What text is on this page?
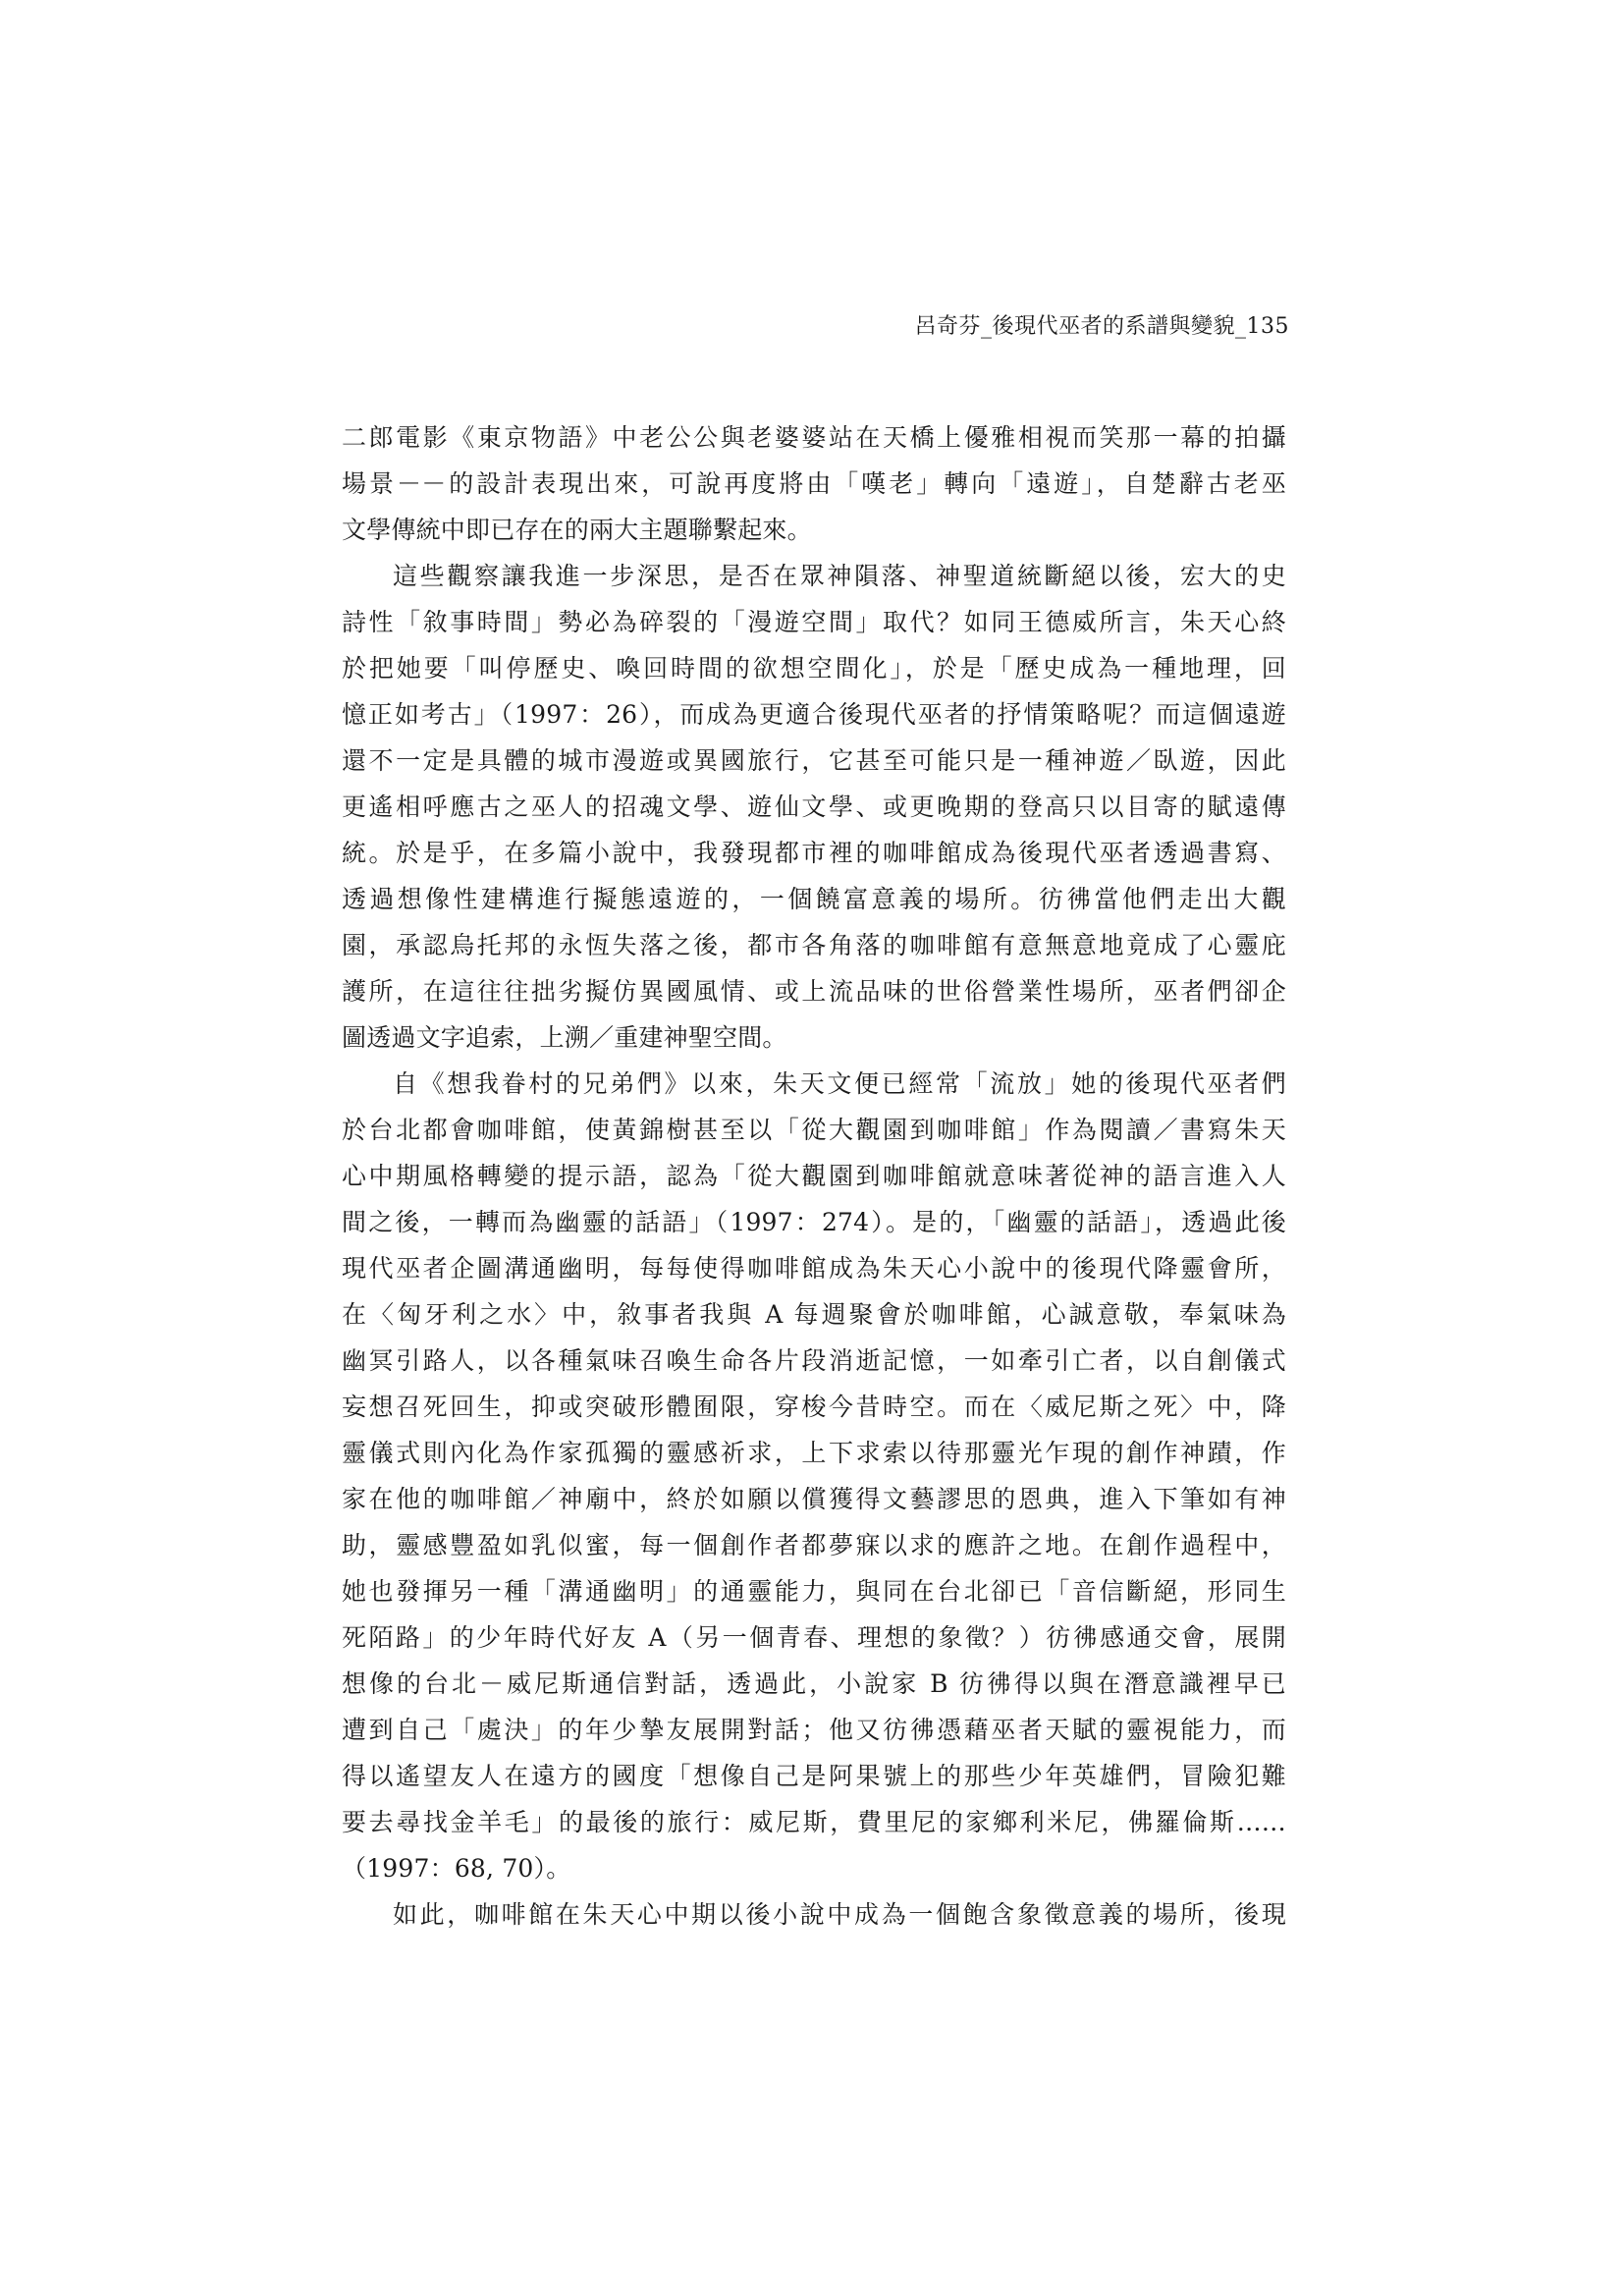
呂奇芬_後現代巫者的系譜與變貌_135
二郎電影《東京物語》中老公公與老婆婆站在天橋上優雅相視而笑那一幕的拍攝
場景－－的設計表現出來，可說再度將由「嘆老」轉向「遠遊」，自楚辭古老巫
文學傳統中即已存在的兩大主題聯繫起來。
這些觀察讓我進一步深思，是否在眾神隕落、神聖道統斷絕以後，宏大的史
詩性「敘事時間」勢必為碎裂的「漫遊空間」取代？如同王德威所言，朱天心終
於把她要「叫停歷史、喚回時間的欲想空間化」，於是「歷史成為一種地理，回
憶正如考古」（1997：26），而成為更適合後現代巫者的抒情策略呢？而這個遠遊
還不一定是具體的城市漫遊或異國旅行，它甚至可能只是一種神遊／臥遊，因此
更遙相呼應古之巫人的招魂文學、遊仙文學、或更晚期的登高只以目寄的賦遠傳
統。於是乎，在多篇小說中，我發現都市裡的咖啡館成為後現代巫者透過書寫、
透過想像性建構進行擬態遠遊的，一個饒富意義的場所。彷彿當他們走出大觀
園，承認烏托邦的永恆失落之後，都市各角落的咖啡館有意無意地竟成了心靈庇
護所，在這往往拙劣擬仿異國風情、或上流品味的世俗營業性場所，巫者們卻企
圖透過文字追索，上溯／重建神聖空間。
自《想我眷村的兄弟們》以來，朱天文便已經常「流放」她的後現代巫者們
於台北都會咖啡館，使黃錦樹甚至以「從大觀園到咖啡館」作為閱讀／書寫朱天
心中期風格轉變的提示語，認為「從大觀園到咖啡館就意味著從神的語言進入人
間之後，一轉而為幽靈的話語」（1997：274）。是的，「幽靈的話語」，透過此後
現代巫者企圖溝通幽明，每每使得咖啡館成為朱天心小說中的後現代降靈會所，
在〈匈牙利之水〉中，敘事者我與 A 每週聚會於咖啡館，心誠意敬，奉氣味為
幽冥引路人，以各種氣味召喚生命各片段消逝記憶，一如牽引亡者，以自創儀式
妄想召死回生，抑或突破形體囿限，穿梭今昔時空。而在〈威尼斯之死〉中，降
靈儀式則內化為作家孤獨的靈感祈求，上下求索以待那靈光乍現的創作神蹟，作
家在他的咖啡館／神廟中，終於如願以償獲得文藝謬思的恩典，進入下筆如有神
助，靈感豐盈如乳似蜜，每一個創作者都夢寐以求的應許之地。在創作過程中，
她也發揮另一種「溝通幽明」的通靈能力，與同在台北卻已「音信斷絕，形同生
死陌路」的少年時代好友 A（另一個青春、理想的象徵？）彷彿感通交會，展開
想像的台北－威尼斯通信對話，透過此，小說家 B 彷彿得以與在潛意識裡早已
遭到自己「處決」的年少摯友展開對話；他又彷彿憑藉巫者天賦的靈視能力，而
得以遙望友人在遠方的國度「想像自己是阿果號上的那些少年英雄們，冒險犯難
要去尋找金羊毛」的最後的旅行：威尼斯，費里尼的家鄉利米尼，佛羅倫斯……
（1997：68, 70）。
如此，咖啡館在朱天心中期以後小說中成為一個飽含象徵意義的場所，後現
